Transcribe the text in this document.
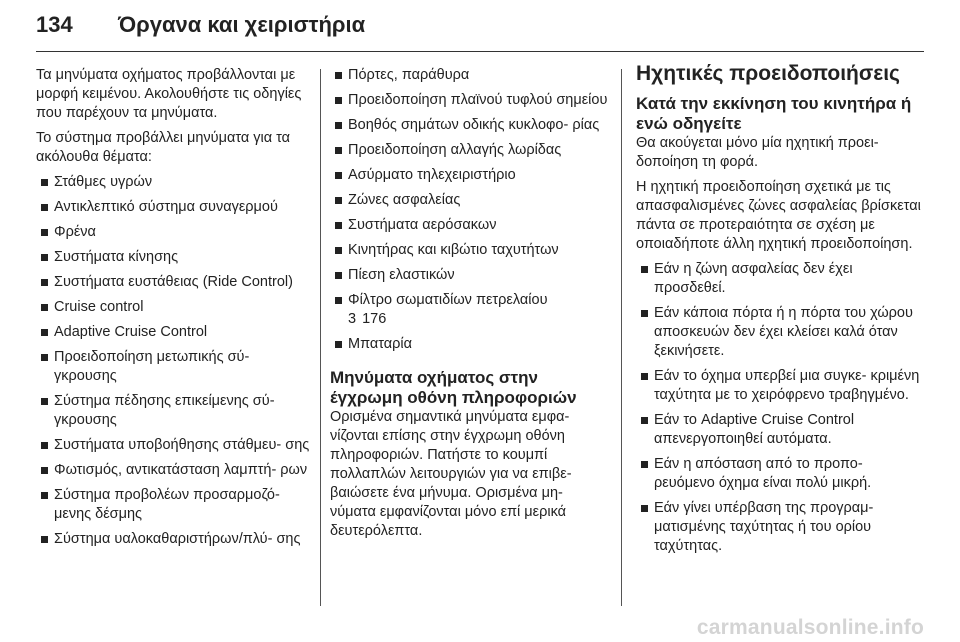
134 Όργανα και χειριστήρια

Τα μηνύματα οχήματος προβάλλονται με μορφή κειμένου. Ακολουθήστε τις οδηγίες που παρέχουν τα μηνύματα.

Το σύστημα προβάλλει μηνύματα για τα ακόλουθα θέματα:

Στάθμες υγρών
Αντικλεπτικό σύστημα συναγερμού
Φρένα
Συστήματα κίνησης
Συστήματα ευστάθειας (Ride Control)
Cruise control
Adaptive Cruise Control
Προειδοποίηση μετωπικής σύ- γκρουσης
Σύστημα πέδησης επικείμενης σύ- γκρουσης
Συστήματα υποβοήθησης στάθμευ- σης
Φωτισμός, αντικατάσταση λαμπτή- ρων
Σύστημα προβολέων προσαρμοζό- μενης δέσμης
Σύστημα υαλοκαθαριστήρων/πλύ- σης
Πόρτες, παράθυρα
Προειδοποίηση πλαϊνού τυφλού σημείου
Βοηθός σημάτων οδικής κυκλοφο- ρίας
Προειδοποίηση αλλαγής λωρίδας
Ασύρματο τηλεχειριστήριο
Ζώνες ασφαλείας
Συστήματα αερόσακων
Κινητήρας και κιβώτιο ταχυτήτων
Πίεση ελαστικών
Φίλτρο σωματιδίων πετρελαίου
3 176
Μπαταρία
Μηνύματα οχήματος στην έγχρωμη οθόνη πληροφοριών

Ορισμένα σημαντικά μηνύματα εμφα- νίζονται επίσης στην έγχρωμη οθόνη πληροφοριών. Πατήστε το κουμπί πολλαπλών λειτουργιών για να επιβε- βαιώσετε ένα μήνυμα. Ορισμένα μη- νύματα εμφανίζονται μόνο επί μερικά δευτερόλεπτα.

Ηχητικές προειδοποιήσεις
Κατά την εκκίνηση του κινητήρα ή ενώ οδηγείτε

Θα ακούγεται μόνο μία ηχητική προει- δοποίηση τη φορά.

Η ηχητική προειδοποίηση σχετικά με τις απασφαλισμένες ζώνες ασφαλείας βρίσκεται πάντα σε προτεραιότητα σε σχέση με οποιαδήποτε άλλη ηχητική προειδοποίηση.

Εάν η ζώνη ασφαλείας δεν έχει προσδεθεί.
Εάν κάποια πόρτα ή η πόρτα του χώρου αποσκευών δεν έχει κλείσει καλά όταν ξεκινήσετε.
Εάν το όχημα υπερβεί μια συγκε- κριμένη ταχύτητα με το χειρόφρενο τραβηγμένο.
Εάν το Adaptive Cruise Control απενεργοποιηθεί αυτόματα.
Εάν η απόσταση από το προπο- ρευόμενο όχημα είναι πολύ μικρή.
Εάν γίνει υπέρβαση της προγραμ- ματισμένης ταχύτητας ή του ορίου ταχύτητας.
carmanualsonline.info
